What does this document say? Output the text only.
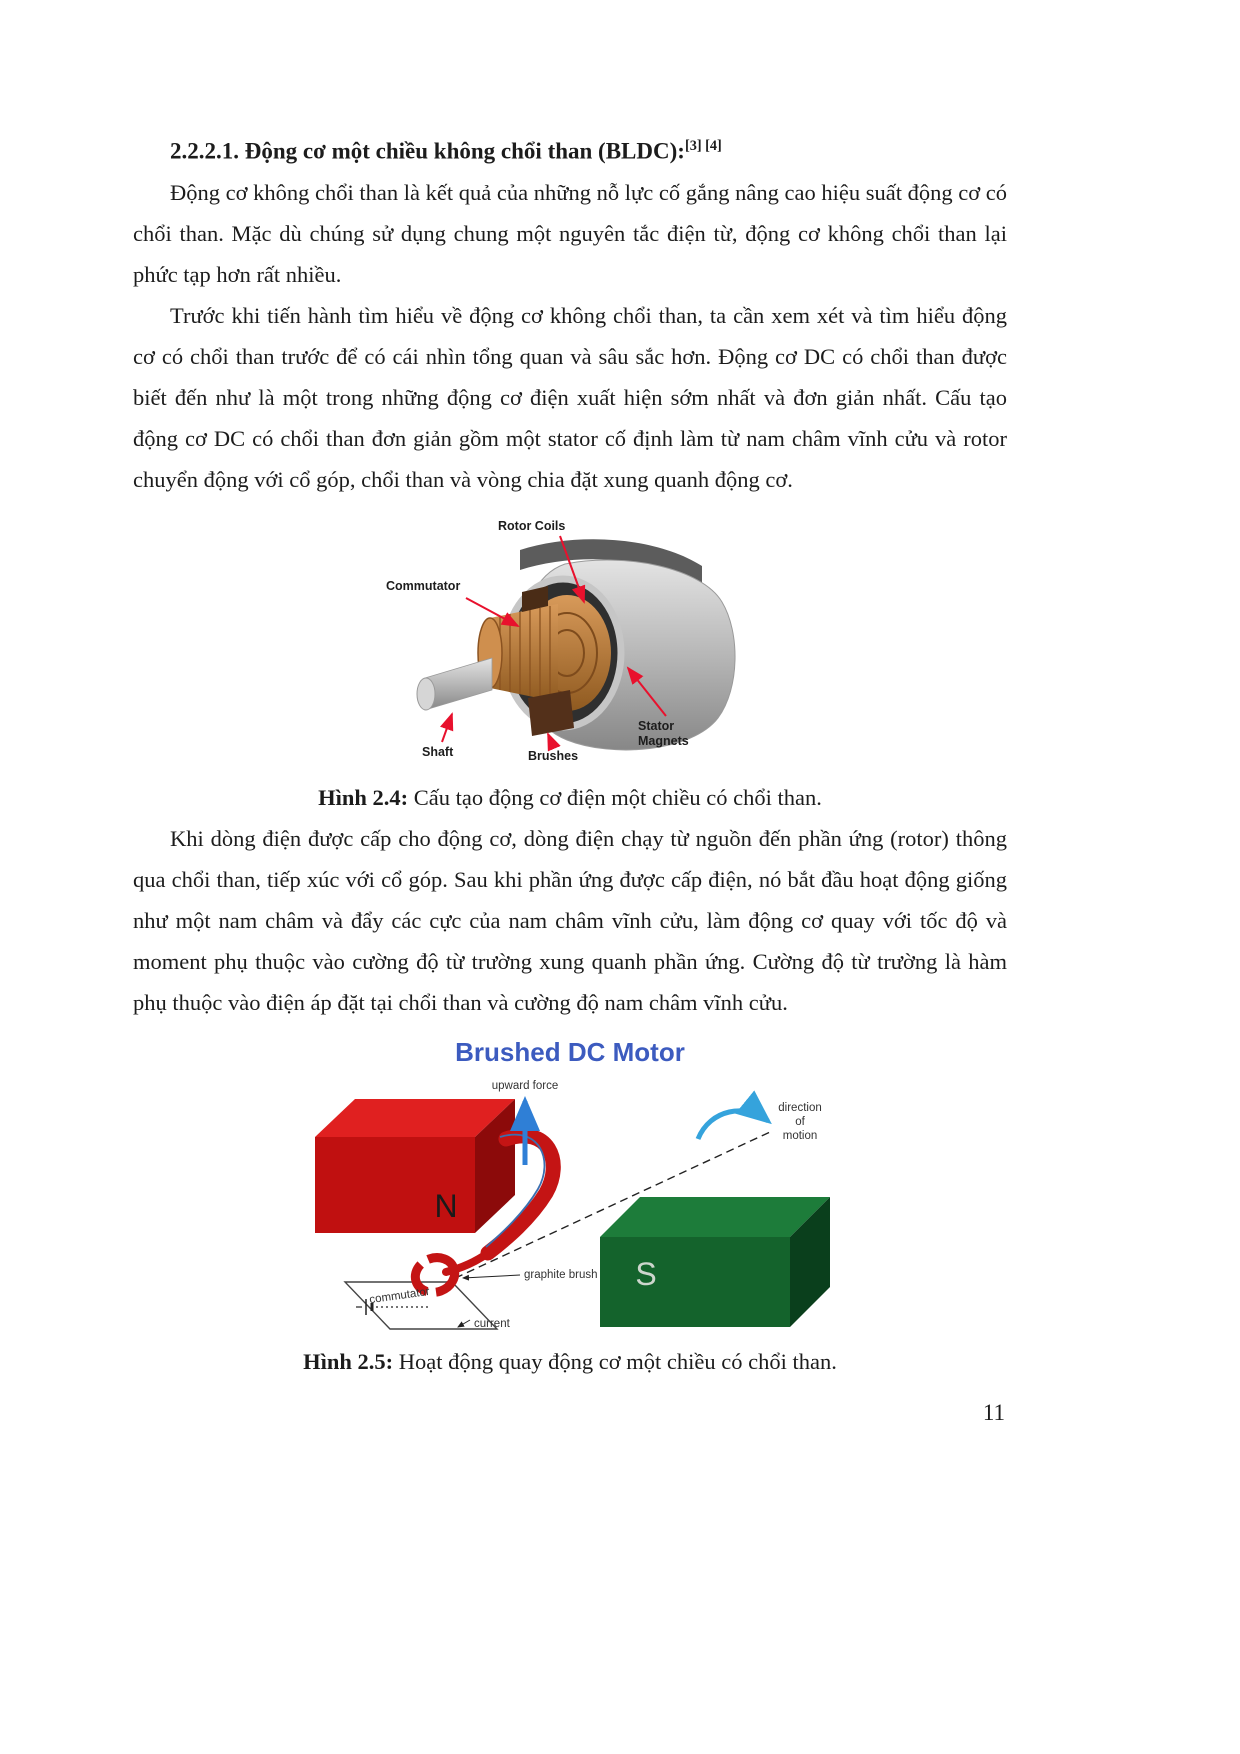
2.2.2.1. Động cơ một chiều không chổi than (BLDC):[3] [4]

Động cơ không chổi than là kết quả của những nỗ lực cố gắng nâng cao hiệu suất động cơ có chổi than. Mặc dù chúng sử dụng chung một nguyên tắc điện từ, động cơ không chổi than lại phức tạp hơn rất nhiều.

Trước khi tiến hành tìm hiểu về động cơ không chổi than, ta cần xem xét và tìm hiểu động cơ có chổi than trước để có cái nhìn tổng quan và sâu sắc hơn. Động cơ DC có chổi than được biết đến như là một trong những động cơ điện xuất hiện sớm nhất và đơn giản nhất. Cấu tạo động cơ DC có chổi than đơn giản gồm một stator cố định làm từ nam châm vĩnh cửu và rotor chuyển động với cổ góp, chổi than và vòng chia đặt xung quanh động cơ.

Rotor Coils
Commutator
Shaft	Brushes
Stator
Magnets
Hình 2.4: Cấu tạo động cơ điện một chiều có chổi than.

Khi dòng điện được cấp cho động cơ, dòng điện chạy từ nguồn đến phần ứng (rotor) thông qua chổi than, tiếp xúc với cổ góp. Sau khi phần ứng được cấp điện, nó bắt đầu hoạt động giống như một nam châm và đẩy các cực của nam châm vĩnh cửu, làm động cơ quay với tốc độ và moment phụ thuộc vào cường độ từ trường xung quanh phần ứng. Cường độ từ trường là hàm phụ thuộc vào điện áp đặt tại chổi than và cường độ nam châm vĩnh cửu.

Brushed DC Motor
upward force
direction
of
motion
N
S
commutator
current
graphite brush
Hình 2.5: Hoạt động quay động cơ một chiều có chổi than.
11
